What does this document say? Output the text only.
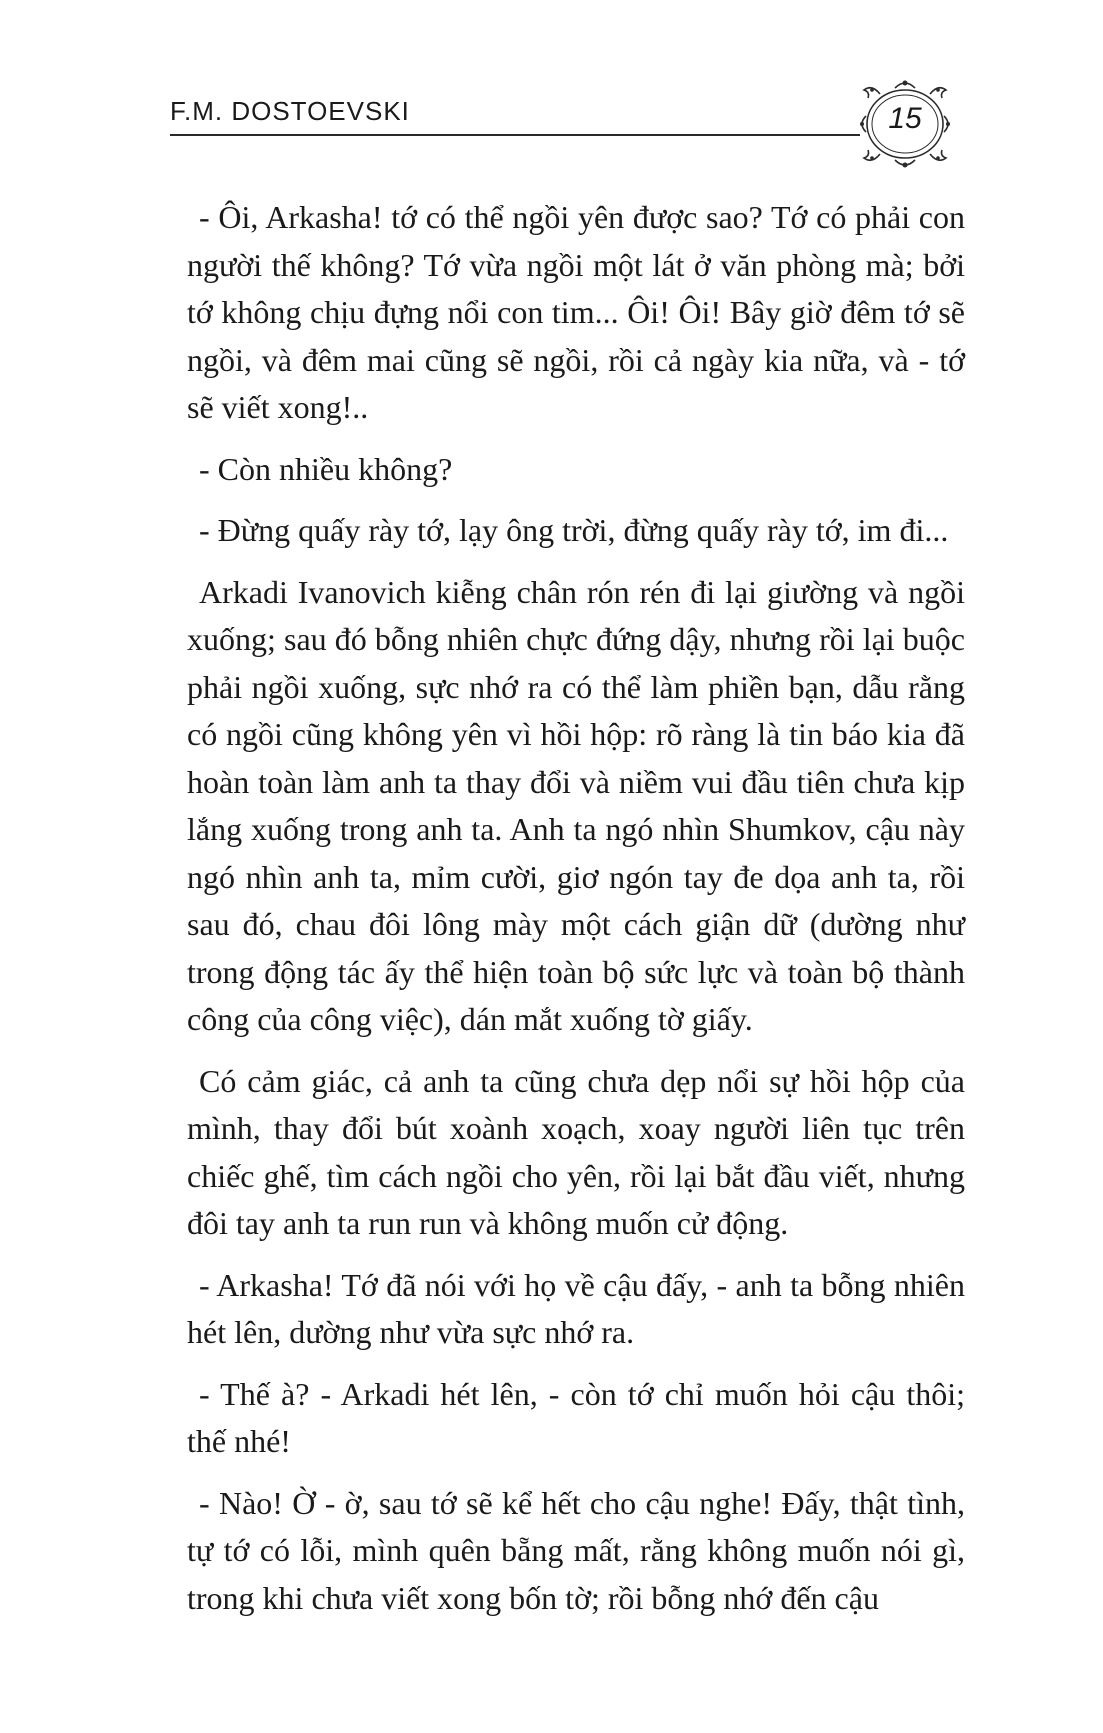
F.M. DOSTOEVSKI	15

- Ôi, Arkasha! tớ có thể ngồi yên được sao? Tớ có phải con người thế không? Tớ vừa ngồi một lát ở văn phòng mà; bởi tớ không chịu đựng nổi con tim... Ôi! Ôi! Bây giờ đêm tớ sẽ ngồi, và đêm mai cũng sẽ ngồi, rồi cả ngày kia nữa, và - tớ sẽ viết xong!..

- Còn nhiều không?

- Đừng quấy rày tớ, lạy ông trời, đừng quấy rày tớ, im đi...

Arkadi Ivanovich kiễng chân rón rén đi lại giường và ngồi xuống; sau đó bỗng nhiên chực đứng dậy, nhưng rồi lại buộc phải ngồi xuống, sực nhớ ra có thể làm phiền bạn, dẫu rằng có ngồi cũng không yên vì hồi hộp: rõ ràng là tin báo kia đã hoàn toàn làm anh ta thay đổi và niềm vui đầu tiên chưa kịp lắng xuống trong anh ta. Anh ta ngó nhìn Shumkov, cậu này ngó nhìn anh ta, mỉm cười, giơ ngón tay đe dọa anh ta, rồi sau đó, chau đôi lông mày một cách giận dữ (dường như trong động tác ấy thể hiện toàn bộ sức lực và toàn bộ thành công của công việc), dán mắt xuống tờ giấy.

Có cảm giác, cả anh ta cũng chưa dẹp nổi sự hồi hộp của mình, thay đổi bút xoành xoạch, xoay người liên tục trên chiếc ghế, tìm cách ngồi cho yên, rồi lại bắt đầu viết, nhưng đôi tay anh ta run run và không muốn cử động.

- Arkasha! Tớ đã nói với họ về cậu đấy, - anh ta bỗng nhiên hét lên, dường như vừa sực nhớ ra.

- Thế à? - Arkadi hét lên, - còn tớ chỉ muốn hỏi cậu thôi; thế nhé!

- Nào! Ờ - ờ, sau tớ sẽ kể hết cho cậu nghe! Đấy, thật tình, tự tớ có lỗi, mình quên bẵng mất, rằng không muốn nói gì, trong khi chưa viết xong bốn tờ; rồi bỗng nhớ đến cậu
